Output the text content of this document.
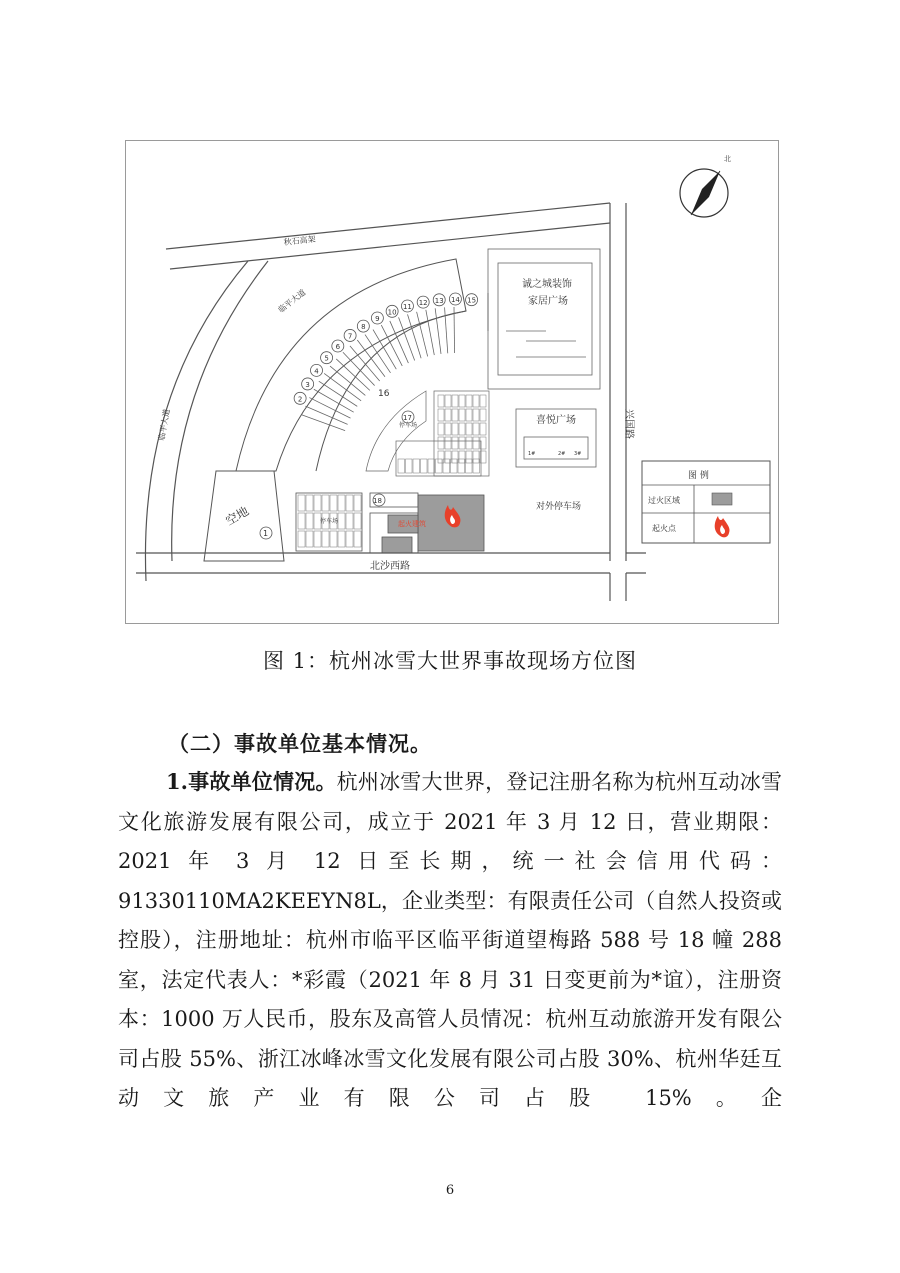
秋石高架
临平大道
临平大道
2
3
4
5
6
7
8
9
10
11 12 13 14 15
16
空地
1
17
停车场
诚之城装饰
家居广场
兴国路
喜悦广场
1#	2# 3#
对外停车场
停车场
18
起火建筑
北沙西路
北
图 例
过火区域
起火点
图 1：杭州冰雪大世界事故现场方位图
（二）事故单位基本情况。
1.事故单位情况。杭州冰雪大世界，登记注册名称为杭州互动冰雪文化旅游发展有限公司，成立于 2021 年 3 月 12 日，营业期限：2021 年 3 月 12 日至长期，统一社会信用代码：91330110MA2KEEYN8L，企业类型：有限责任公司（自然人投资或控股），注册地址：杭州市临平区临平街道望梅路 588 号 18 幢 288 室，法定代表人：*彩霞（2021 年 8 月 31 日变更前为*谊），注册资本：1000 万人民币，股东及高管人员情况：杭州互动旅游开发有限公司占股 55%、浙江冰峰冰雪文化发展有限公司占股 30%、杭州华廷互动文旅产业有限公司占股 15%。企
6
